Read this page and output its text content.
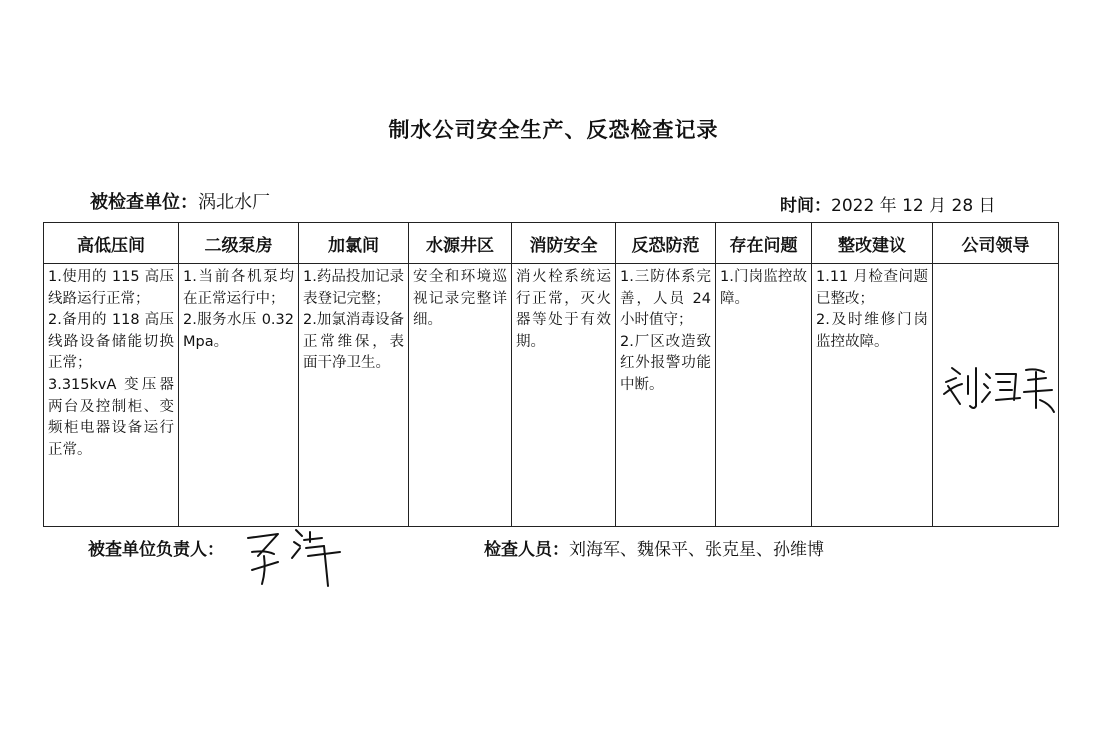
制水公司安全生产、反恐检查记录
被检查单位：涡北水厂	时间：2022 年 12 月 28 日
高低压间	二级泵房	加氯间	水源井区	消防安全	反恐防范	存在问题	整改建议	公司领导

1.使用的 115 高压线路运行正常；
2.备用的 118 高压线路设备储能切换正常；
3.315kvA 变压器两台及控制柜、变频柜电器设备运行正常。	1.当前各机泵均在正常运行中；
2.服务水压 0.32Mpa。	1.药品投加记录表登记完整；
2.加氯消毒设备正常维保，表面干净卫生。	安全和环境巡视记录完整详细。	消火栓系统运行正常，灭火器等处于有效期。	1.三防体系完善，人员 24 小时值守；
2.厂区改造致红外报警功能中断。	1.门岗监控故障。	1.11 月检查问题已整改；
2.及时维修门岗监控故障。	

被查单位负责人：	检查人员：刘海军、魏保平、张克星、孙维博
